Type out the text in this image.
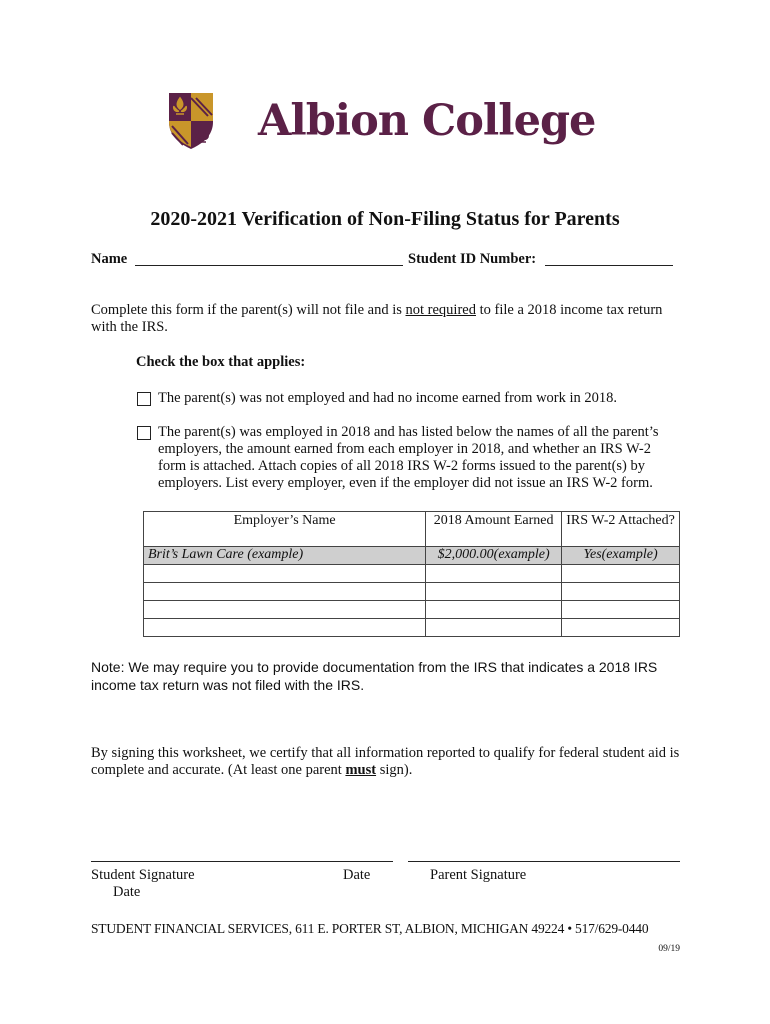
Albion College
2020-2021 Verification of Non-Filing Status for Parents
Name	Student ID Number:
Complete this form if the parent(s) will not file and is not required to file a 2018 income tax return with the IRS.
Check the box that applies:
The parent(s) was not employed and had no income earned from work in 2018.
The parent(s) was employed in 2018 and has listed below the names of all the parent’s employers, the amount earned from each employer in 2018, and whether an IRS W-2 form is attached. Attach copies of all 2018 IRS W-2 forms issued to the parent(s) by employers. List every employer, even if the employer did not issue an IRS W-2 form.
Employer’s Name	2018 Amount Earned	IRS W-2 Attached?
Brit’s Lawn Care (example)	$2,000.00(example)	Yes(example)

Note: We may require you to provide documentation from the IRS that indicates a 2018 IRS income tax return was not filed with the IRS.
By signing this worksheet, we certify that all information reported to qualify for federal student aid is complete and accurate. (At least one parent must sign).
Student Signature	Date	Parent Signature
Date
STUDENT FINANCIAL SERVICES, 611 E. PORTER ST, ALBION, MICHIGAN 49224 • 517/629-0440
09/19
